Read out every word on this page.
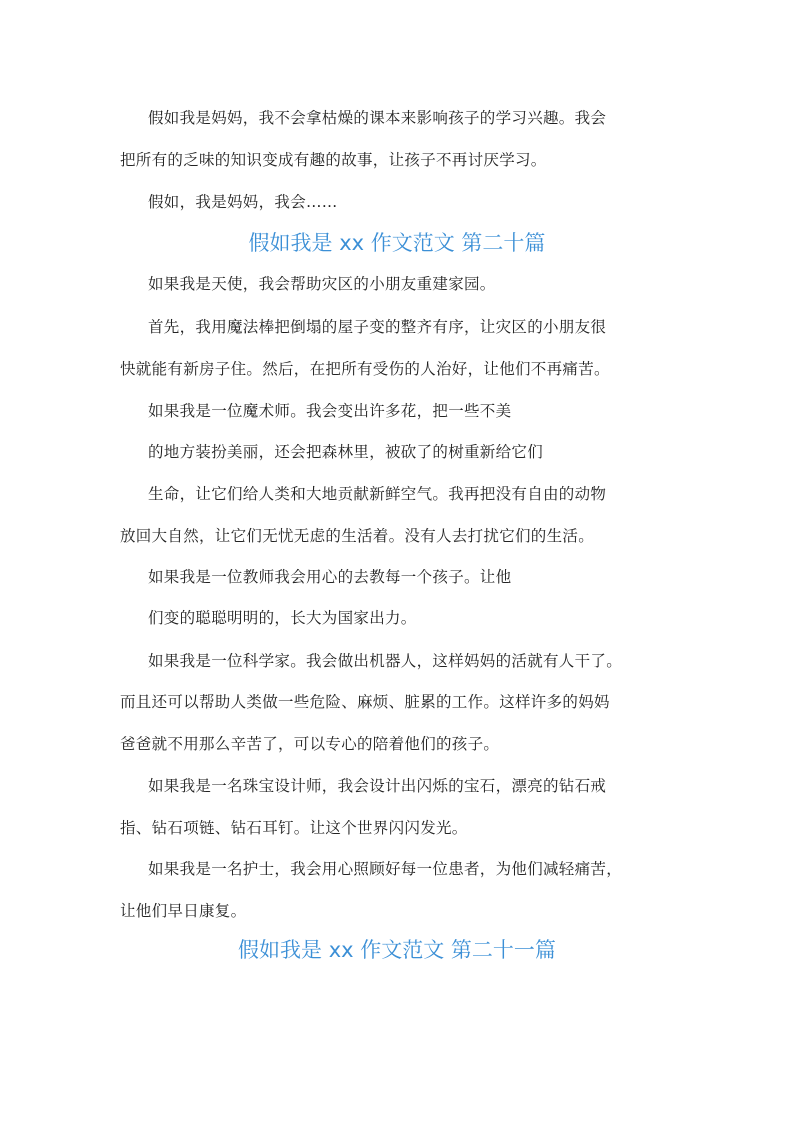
假如我是妈妈，我不会拿枯燥的课本来影响孩子的学习兴趣。我会
把所有的乏味的知识变成有趣的故事，让孩子不再讨厌学习。
假如，我是妈妈，我会……
假如我是 xx 作文范文 第二十篇
如果我是天使，我会帮助灾区的小朋友重建家园。
首先，我用魔法棒把倒塌的屋子变的整齐有序，让灾区的小朋友很
快就能有新房子住。然后，在把所有受伤的人治好，让他们不再痛苦。
如果我是一位魔术师。我会变出许多花，把一些不美
的地方装扮美丽，还会把森林里，被砍了的树重新给它们
生命，让它们给人类和大地贡献新鲜空气。我再把没有自由的动物
放回大自然，让它们无忧无虑的生活着。没有人去打扰它们的生活。
如果我是一位教师我会用心的去教每一个孩子。让他
们变的聪聪明明的，长大为国家出力。
如果我是一位科学家。我会做出机器人，这样妈妈的活就有人干了。
而且还可以帮助人类做一些危险、麻烦、脏累的工作。这样许多的妈妈
爸爸就不用那么辛苦了，可以专心的陪着他们的孩子。
如果我是一名珠宝设计师，我会设计出闪烁的宝石，漂亮的钻石戒
指、钻石项链、钻石耳钉。让这个世界闪闪发光。
如果我是一名护士，我会用心照顾好每一位患者，为他们减轻痛苦，
让他们早日康复。
假如我是 xx 作文范文 第二十一篇
